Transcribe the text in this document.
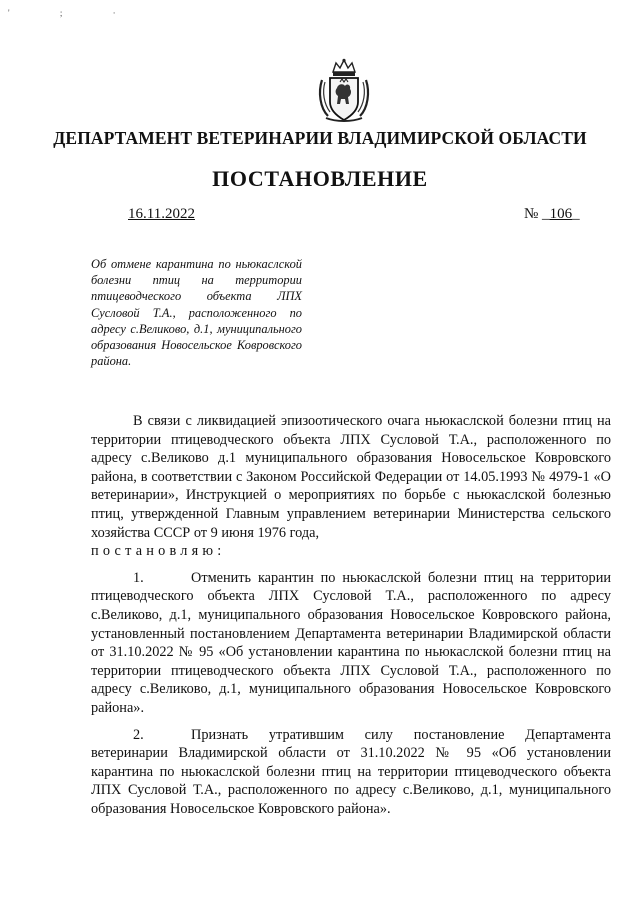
' ; ·
ДЕПАРТАМЕНТ ВЕТЕРИНАРИИ ВЛАДИМИРСКОЙ ОБЛАСТИ
ПОСТАНОВЛЕНИЕ
16.11.2022	№ _106_
Об отмене карантина по ньюкаслской болезни птиц на территории птицеводческого объекта ЛПХ Сусловой Т.А., расположенного по адресу с.Великово, д.1, муниципального образования Новосельское Ковровского района.

В связи с ликвидацией эпизоотического очага ньюкаслской болезни птиц на территории птицеводческого объекта ЛПХ Сусловой Т.А., расположенного по адресу с.Великово д.1 муниципального образования Новосельское Ковровского района, в соответствии с Законом Российской Федерации от 14.05.1993 № 4979-1 «О ветеринарии», Инструкцией о мероприятиях по борьбе с ньюкаслской болезнью птиц, утвержденной Главным управлением ветеринарии Министерства сельского хозяйства СССР от 9 июня 1976 года,

постановляю:

1.	Отменить карантин по ньюкаслской болезни птиц на территории птицеводческого объекта ЛПХ Сусловой Т.А., расположенного по адресу с.Великово, д.1, муниципального образования Новосельское Ковровского района, установленный постановлением Департамента ветеринарии Владимирской области от 31.10.2022 № 95 «Об установлении карантина по ньюкаслской болезни птиц на территории птицеводческого объекта ЛПХ Сусловой Т.А., расположенного по адресу с.Великово, д.1, муниципального образования Новосельское Ковровского района».

2.	Признать утратившим силу постановление Департамента ветеринарии Владимирской области от 31.10.2022 № 95 «Об установлении карантина по ньюкаслской болезни птиц на территории птицеводческого объекта ЛПХ Сусловой Т.А., расположенного по адресу с.Великово, д.1, муниципального образования Новосельское Ковровского района».
